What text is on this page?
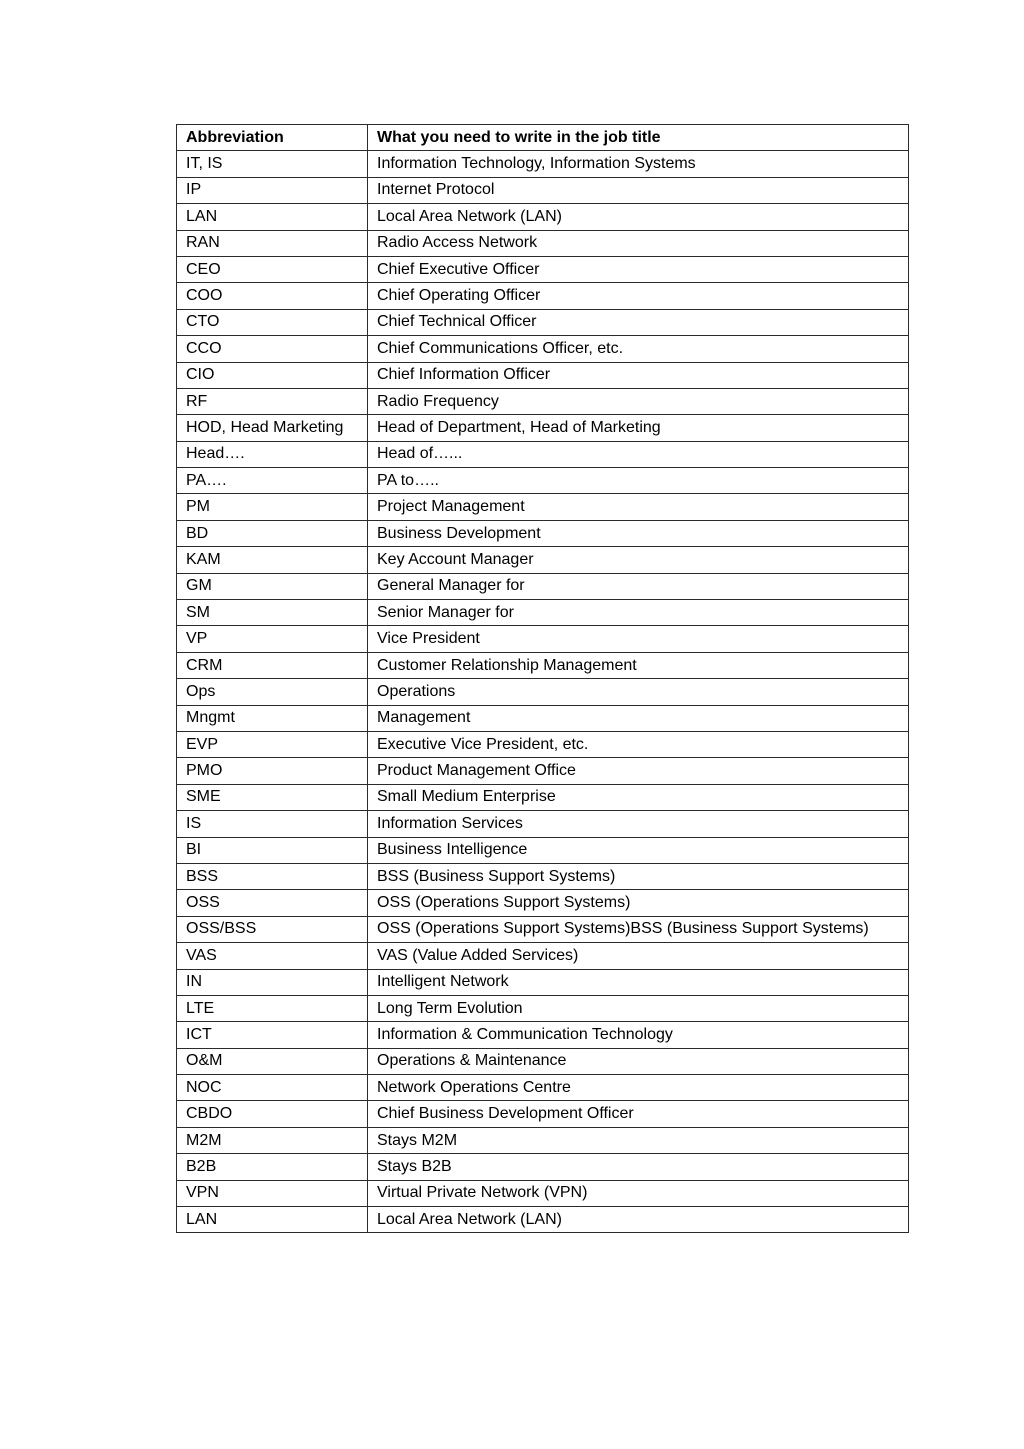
Abbreviation	What you need to write in the job title
IT, IS	Information Technology, Information Systems
IP	Internet Protocol
LAN	Local Area Network (LAN)
RAN	Radio Access Network
CEO	Chief Executive Officer
COO	Chief Operating Officer
CTO	Chief Technical Officer
CCO	Chief Communications Officer, etc.
CIO	Chief Information Officer
RF	Radio Frequency
HOD, Head Marketing	Head of Department, Head of Marketing
Head….	Head of…...
PA….	PA to…..
PM	Project Management
BD	Business Development
KAM	Key Account Manager
GM	General Manager for
SM	Senior Manager for
VP	Vice President
CRM	Customer Relationship Management
Ops	Operations
Mngmt	Management
EVP	Executive Vice President, etc.
PMO	Product Management Office
SME	Small Medium Enterprise
IS	Information Services
BI	Business Intelligence
BSS	BSS (Business Support Systems)
OSS	OSS (Operations Support Systems)
OSS/BSS	OSS (Operations Support Systems)BSS (Business Support Systems)
VAS	VAS (Value Added Services)
IN	Intelligent Network
LTE	Long Term Evolution
ICT	Information & Communication Technology
O&M	Operations & Maintenance
NOC	Network Operations Centre
CBDO	Chief Business Development Officer
M2M	Stays M2M
B2B	Stays B2B
VPN	Virtual Private Network (VPN)
LAN	Local Area Network (LAN)
